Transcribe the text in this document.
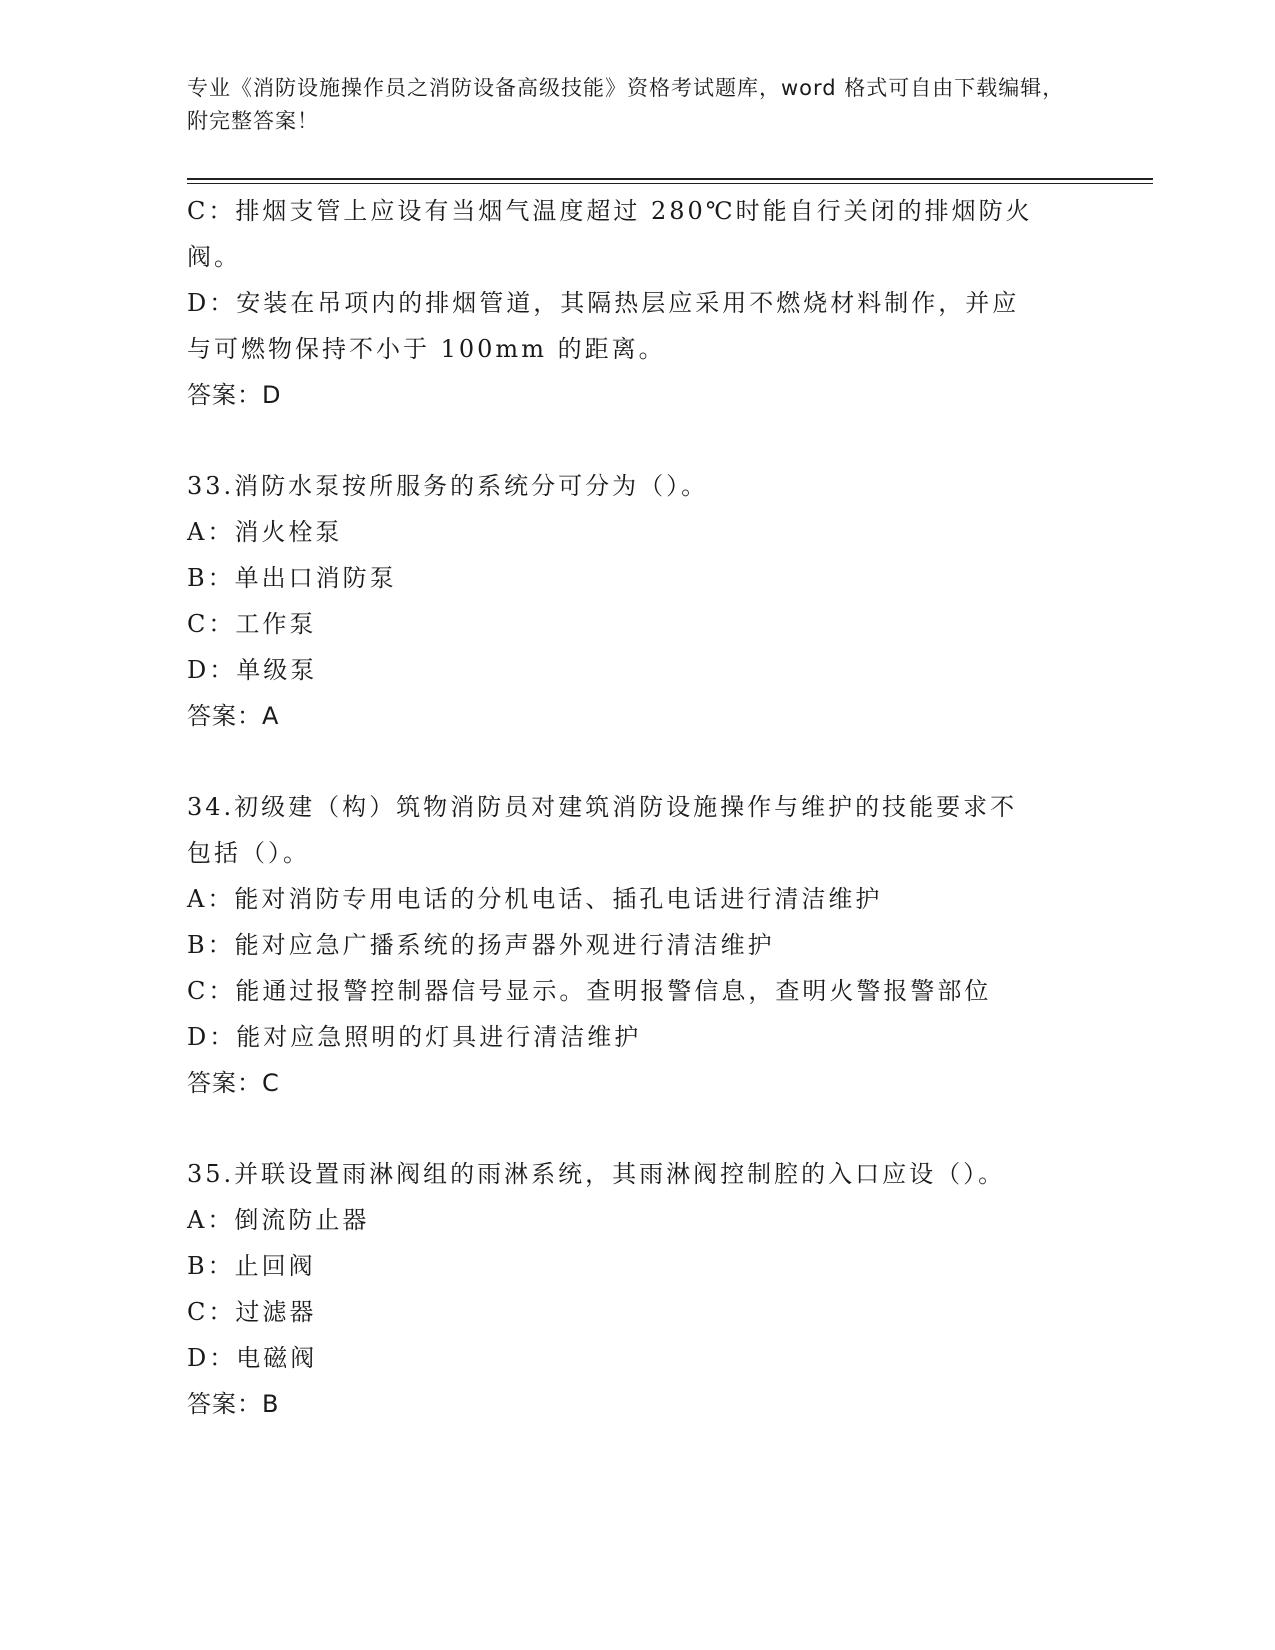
专业《消防设施操作员之消防设备高级技能》资格考试题库，word 格式可自由下载编辑，附完整答案！
C：排烟支管上应设有当烟气温度超过 280℃时能自行关闭的排烟防火
阀。
D：安装在吊项内的排烟管道，其隔热层应采用不燃烧材料制作，并应
与可燃物保持不小于 100mm 的距离。
答案：D
33.消防水泵按所服务的系统分可分为（）。
A：消火栓泵
B：单出口消防泵
C：工作泵
D：单级泵
答案：A
34.初级建（构）筑物消防员对建筑消防设施操作与维护的技能要求不
包括（）。
A：能对消防专用电话的分机电话、插孔电话进行清洁维护
B：能对应急广播系统的扬声器外观进行清洁维护
C：能通过报警控制器信号显示。查明报警信息，查明火警报警部位
D：能对应急照明的灯具进行清洁维护
答案：C
35.并联设置雨淋阀组的雨淋系统，其雨淋阀控制腔的入口应设（）。
A：倒流防止器
B：止回阀
C：过滤器
D：电磁阀
答案：B
